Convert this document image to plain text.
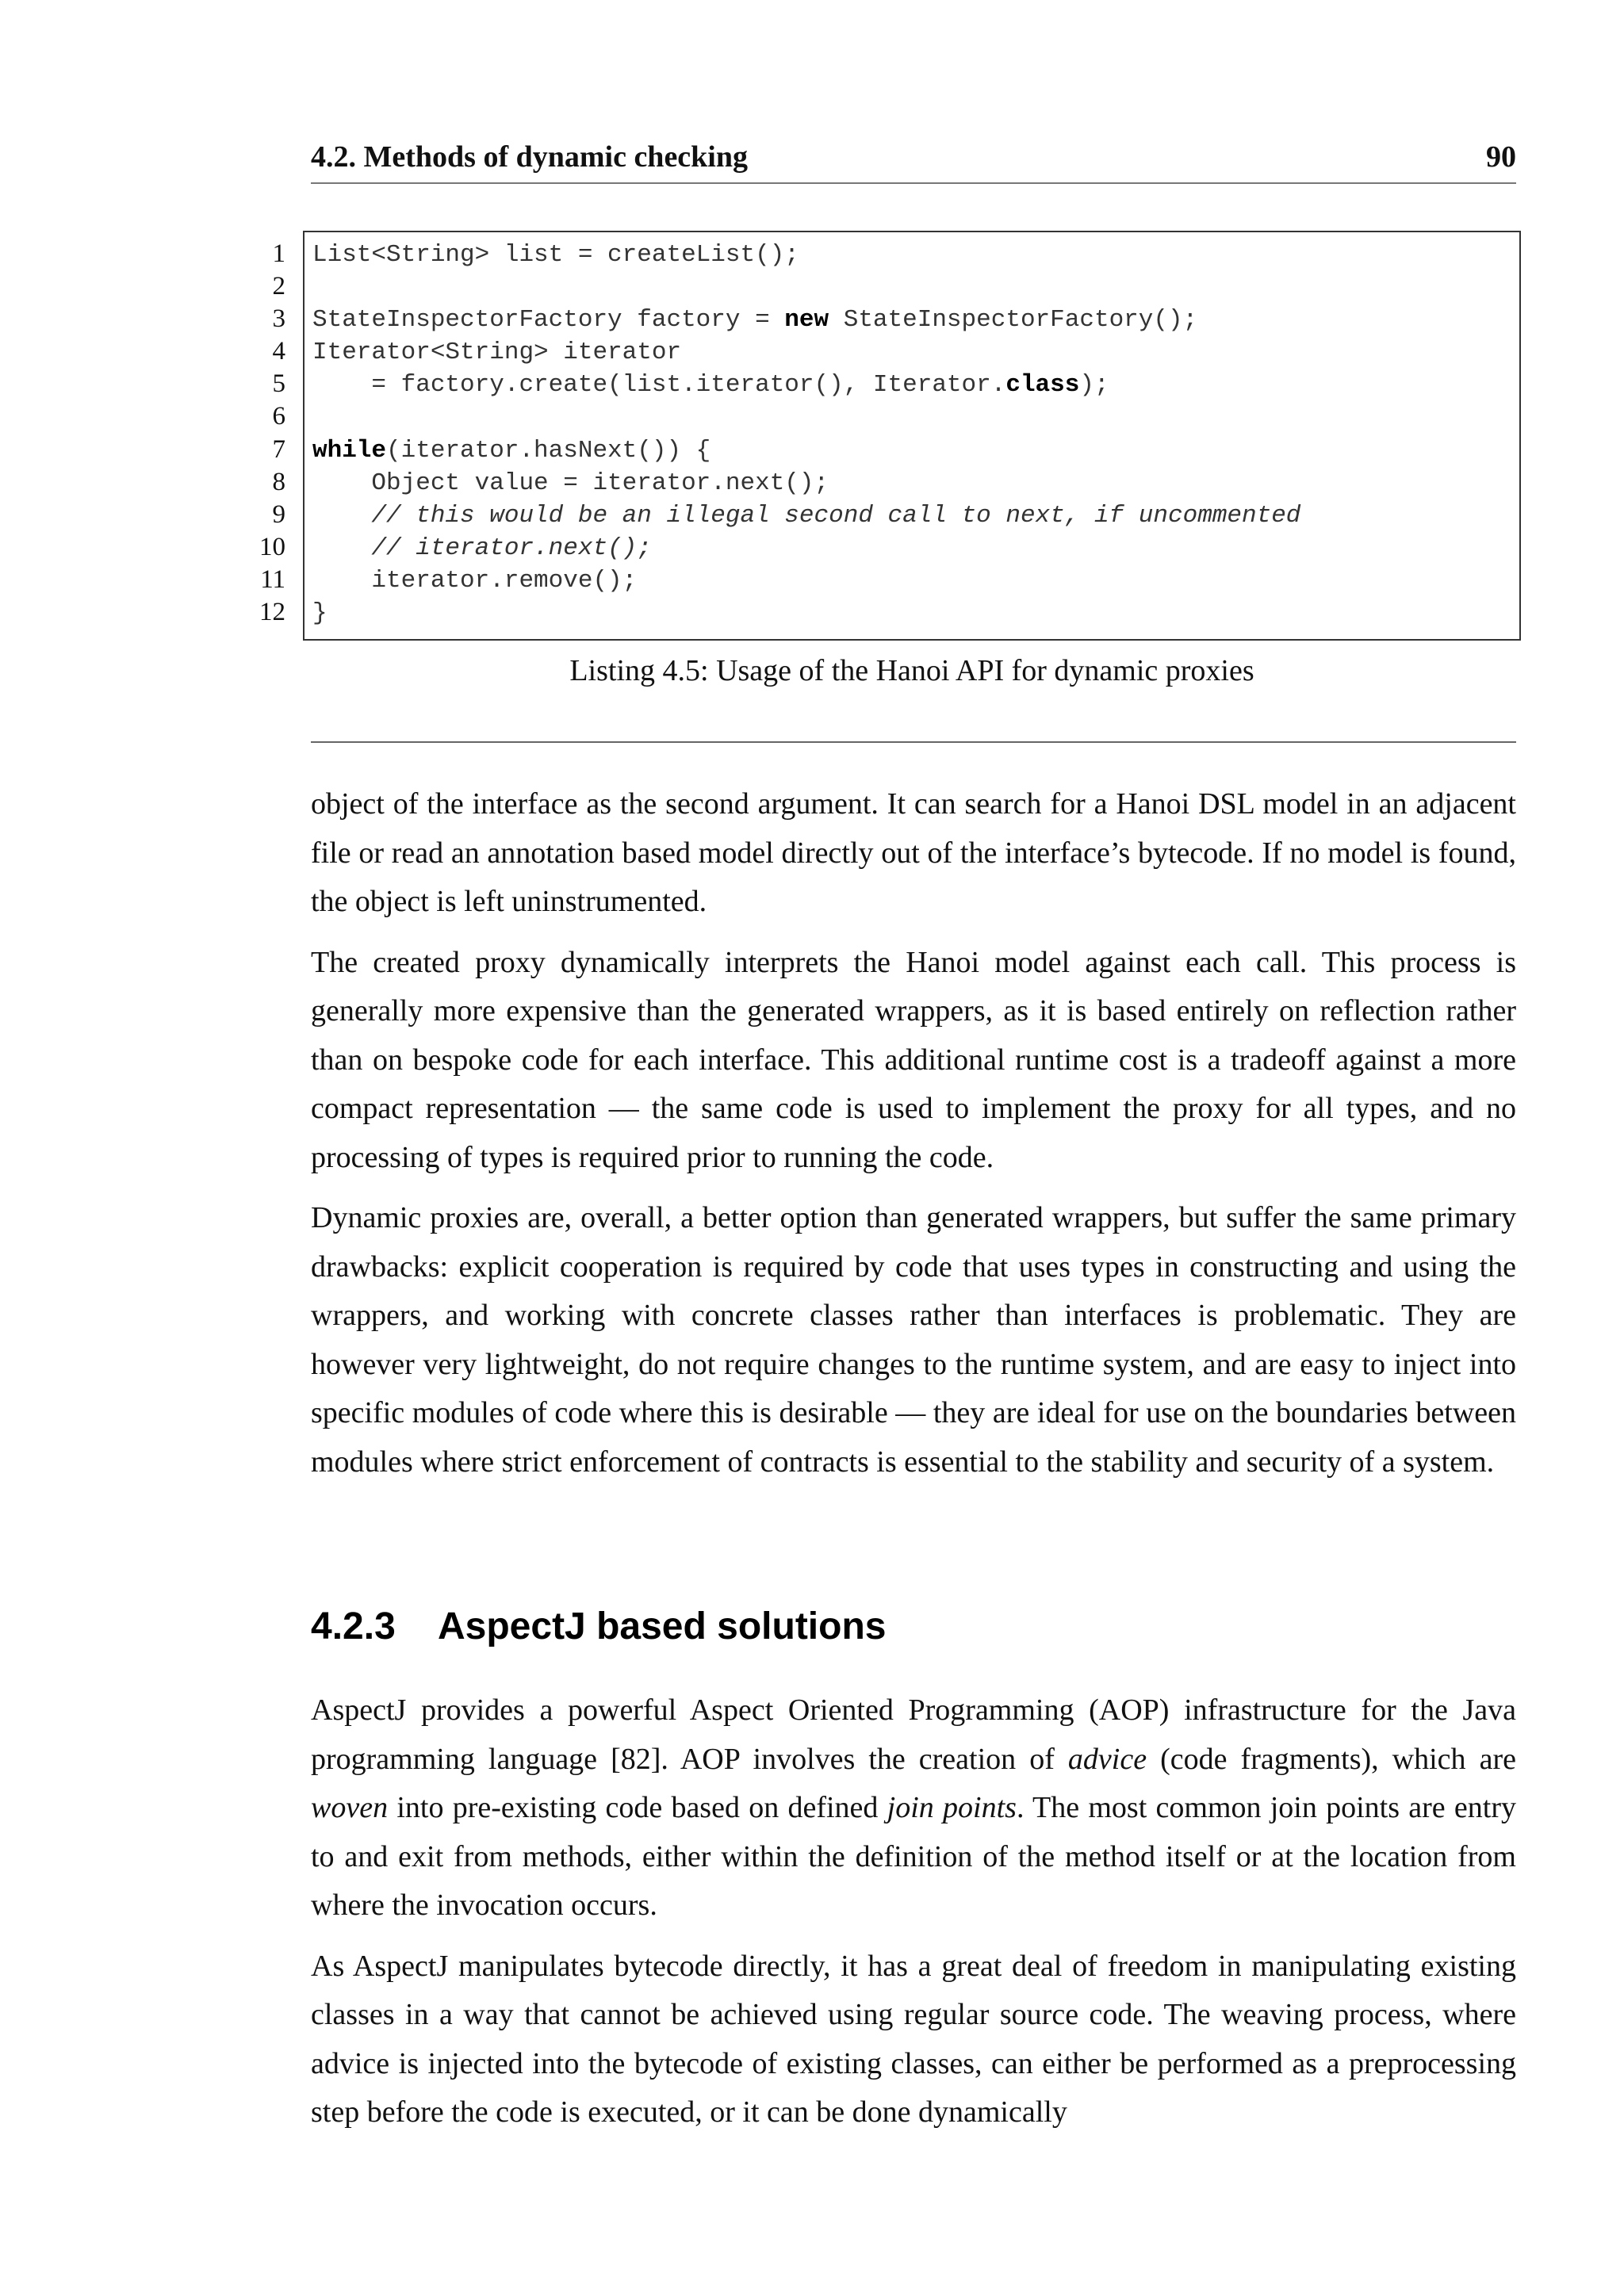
4.2. Methods of dynamic checking	90
1
2
3
4
5
6
7
8
9
10
11
12
List<String> list = createList();

StateInspectorFactory factory = new StateInspectorFactory();
Iterator<String> iterator
= factory.create(list.iterator(), Iterator.class);

while(iterator.hasNext()) {
Object value = iterator.next();
// this would be an illegal second call to next, if uncommented
// iterator.next();
iterator.remove();
}
Listing 4.5: Usage of the Hanoi API for dynamic proxies

object of the interface as the second argument. It can search for a Hanoi DSL model in an adjacent file or read an annotation based model directly out of the interface’s bytecode. If no model is found, the object is left uninstrumented.

The created proxy dynamically interprets the Hanoi model against each call. This process is generally more expensive than the generated wrappers, as it is based entirely on reflection rather than on bespoke code for each interface. This additional runtime cost is a tradeoff against a more compact representation — the same code is used to implement the proxy for all types, and no processing of types is required prior to running the code.

Dynamic proxies are, overall, a better option than generated wrappers, but suffer the same primary drawbacks: explicit cooperation is required by code that uses types in constructing and using the wrappers, and working with concrete classes rather than interfaces is problematic. They are however very lightweight, do not require changes to the runtime system, and are easy to inject into specific modules of code where this is desirable — they are ideal for use on the boundaries between modules where strict enforcement of contracts is essential to the stability and security of a system.

4.2.3 AspectJ based solutions

AspectJ provides a powerful Aspect Oriented Programming (AOP) infrastructure for the Java programming language [82]. AOP involves the creation of advice (code fragments), which are woven into pre-existing code based on defined join points. The most common join points are entry to and exit from methods, either within the definition of the method itself or at the location from where the invocation occurs.

As AspectJ manipulates bytecode directly, it has a great deal of freedom in manipulating existing classes in a way that cannot be achieved using regular source code. The weaving process, where advice is injected into the bytecode of existing classes, can either be performed as a preprocessing step before the code is executed, or it can be done dynamically
